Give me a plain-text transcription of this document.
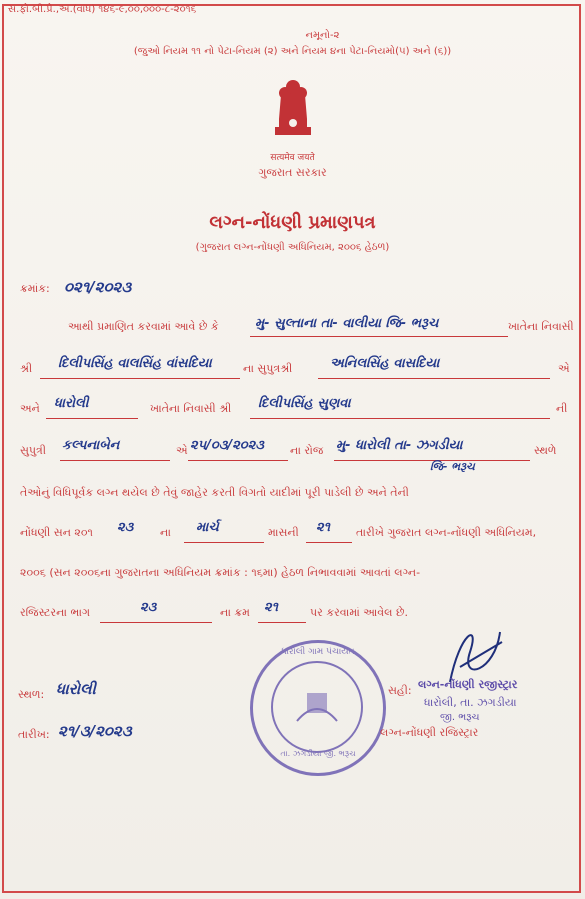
સ.ફો.બી.પ્રે.,અ.(વાધ) ૧૪૬-૯,૦૦,૦૦૦-૮-૨૦૧૬
નમૂનો-૨
(જુઓ નિયમ ૧૧ નો પેટા-નિયમ (૨) અને નિયમ ૪ના પેટા-નિયમો(૫) અને (૬))
सत्यमेव जयते
ગુજરાત સરકાર
લગ્ન-નોંધણી પ્રમાણપત્ર
(ગુજરાત લગ્ન-નોંધણી અધિનિયમ, ૨૦૦૬ હેઠળ)
ક્રમાંક: ૦૨૧/૨૦૨૩
આથી પ્રમાણિત કરવામાં આવે છે કે	મુ- સુલ્તાના તા- વાલીયા જિ- ભરૂચ	ખાતેના નિવાસી
શ્રી દિલીપસિંહ વાલસિંહ વાંસદિયા	ના સુપુત્રશ્રી	અનિલસિંહ વાસદિયા	એ
અને ધારોલી	ખાતેના નિવાસી શ્રી દિલીપસિંહ સુણવા	ની
સુપુત્રી કલ્પનાબેન	એ ૨૫/૦૩/૨૦૨૩ ના રોજ મુ- ધારોલી તા- ઝગડીયા	સ્થળે
જિ- ભરૂચ
તેઓનું વિધિપૂર્વક લગ્ન થયેલ છે તેવું જાહેર કરતી વિગતો યાદીમાં પૂરી પાડેલી છે અને તેની
નોંધણી સન ૨૦૧ ૨૩ ના માર્ચ	માસની ૨૧ તારીખે ગુજરાત લગ્ન-નોંધણી અધિનિયમ,
૨૦૦૬ (સન ૨૦૦૬ના ગુજરાતના અધિનિયમ ક્રમાંક : ૧૬મા) હેઠળ નિભાવવામાં આવતાં લગ્ન-
રજિસ્ટરના ભાગ	૨૩	ના ક્રમ ૨૧	પર કરવામાં આવેલ છે.
સ્થળ: ધારોલી
તારીખ: ૨૧/૩/૨૦૨૩
ધારોલી ગામ પંચાયત
તા. ઝગડીયા જી. ભરૂચ
સહી: લગ્ન-નોંધણી રજીસ્ટ્રાર
ધારોલી, તા. ઝગડીયા
જી. ભરૂચ
લગ્ન-નોંધણી રજિસ્ટ્રાર
